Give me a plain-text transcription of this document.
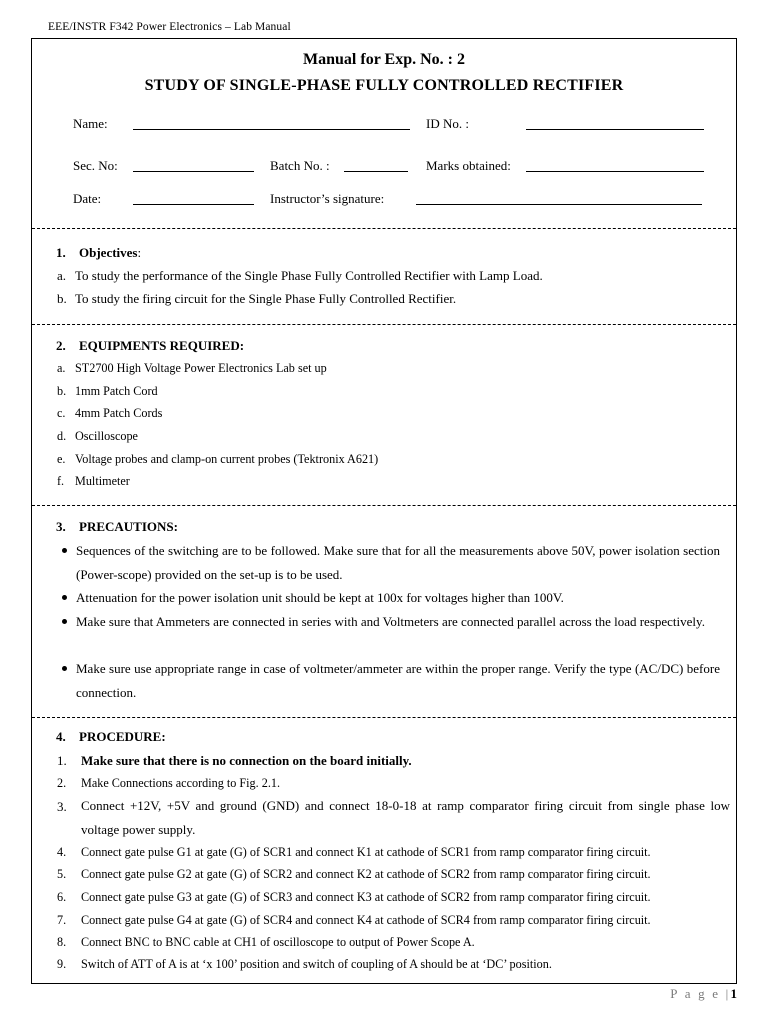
EEE/INSTR F342 Power Electronics – Lab Manual
Manual for Exp. No. : 2
STUDY OF SINGLE-PHASE FULLY CONTROLLED RECTIFIER
Name:	ID No. :
Sec. No:	Batch No. :	Marks obtained:
Date:	Instructor’s signature:
1. Objectives:
a. To study the performance of the Single Phase Fully Controlled Rectifier with Lamp Load.
b. To study the firing circuit for the Single Phase Fully Controlled Rectifier.
2. EQUIPMENTS REQUIRED:
a. ST2700 High Voltage Power Electronics Lab set up
b. 1mm Patch Cord
c. 4mm Patch Cords
d. Oscilloscope
e. Voltage probes and clamp-on current probes (Tektronix A621)
f. Multimeter
3. PRECAUTIONS:
Sequences of the switching are to be followed. Make sure that for all the measurements above 50V, power isolation section (Power-scope) provided on the set-up is to be used.
Attenuation for the power isolation unit should be kept at 100x for voltages higher than 100V.
Make sure that Ammeters are connected in series with and Voltmeters are connected parallel across the load respectively.
Make sure use appropriate range in case of voltmeter/ammeter are within the proper range. Verify the type (AC/DC) before connection.
4. PROCEDURE:
1. Make sure that there is no connection on the board initially.
2. Make Connections according to Fig. 2.1.
3. Connect +12V, +5V and ground (GND) and connect 18-0-18 at ramp comparator firing circuit from single phase low voltage power supply.
4. Connect gate pulse G1 at gate (G) of SCR1 and connect K1 at cathode of SCR1 from ramp comparator firing circuit.
5. Connect gate pulse G2 at gate (G) of SCR2 and connect K2 at cathode of SCR2 from ramp comparator firing circuit.
6. Connect gate pulse G3 at gate (G) of SCR3 and connect K3 at cathode of SCR2 from ramp comparator firing circuit.
7. Connect gate pulse G4 at gate (G) of SCR4 and connect K4 at cathode of SCR4 from ramp comparator firing circuit.
8. Connect BNC to BNC cable at CH1 of oscilloscope to output of Power Scope A.
9. Switch of ATT of A is at ‘x 100’ position and switch of coupling of A should be at ‘DC’ position.
P a g e |1
